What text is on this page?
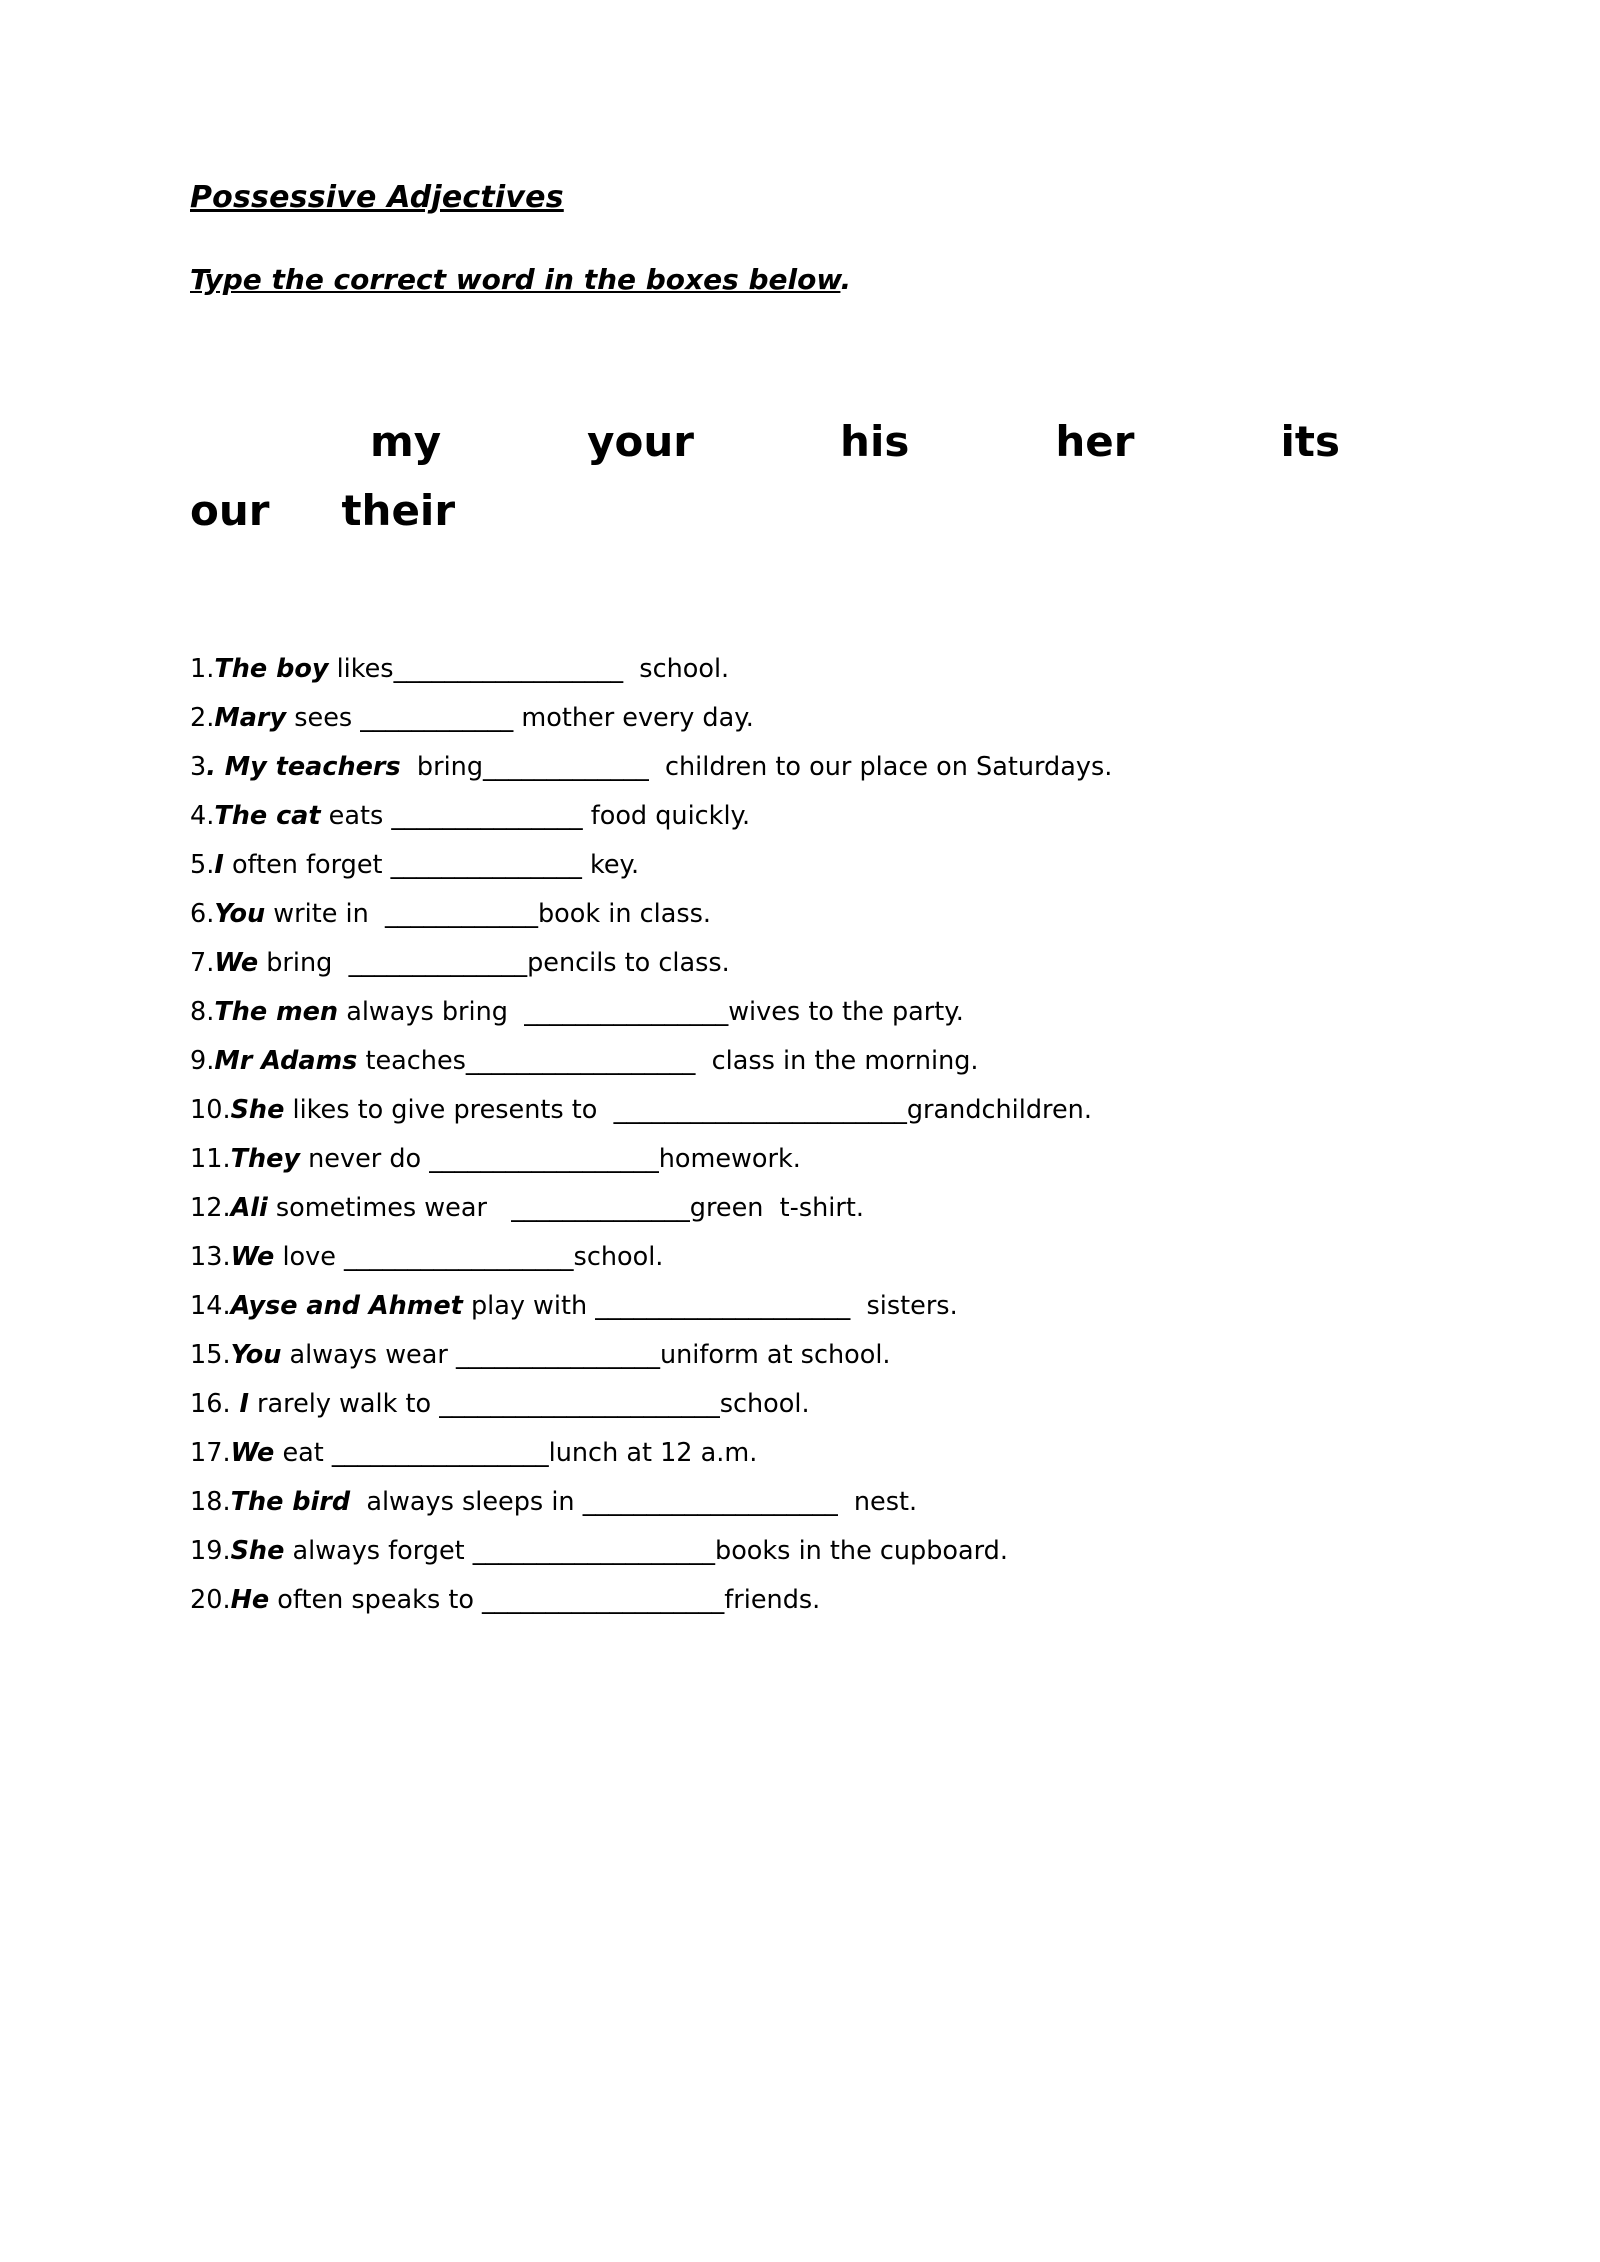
Possessive Adjectives

Type the correct word in the boxes below.

my	your	his	her	its
our their

1.The boy likes__________________  school.

2.Mary sees ____________ mother every day.

3. My teachers  bring_____________  children to our place on Saturdays.

4.The cat eats _______________ food quickly.

5.I often forget _______________ key.

6.You write in  ____________book in class.

7.We bring  ______________pencils to class.

8.The men always bring  ________________wives to the party.

9.Mr Adams teaches__________________  class in the morning.

10.She likes to give presents to  _______________________grandchildren.

11.They never do __________________homework.

12.Ali sometimes wear   ______________green  t-shirt.

13.We love __________________school.

14.Ayse and Ahmet play with ____________________  sisters.

15.You always wear ________________uniform at school.

16. I rarely walk to ______________________school.

17.We eat _________________lunch at 12 a.m.

18.The bird  always sleeps in ____________________  nest.

19.She always forget ___________________books in the cupboard.

20.He often speaks to ___________________friends.
